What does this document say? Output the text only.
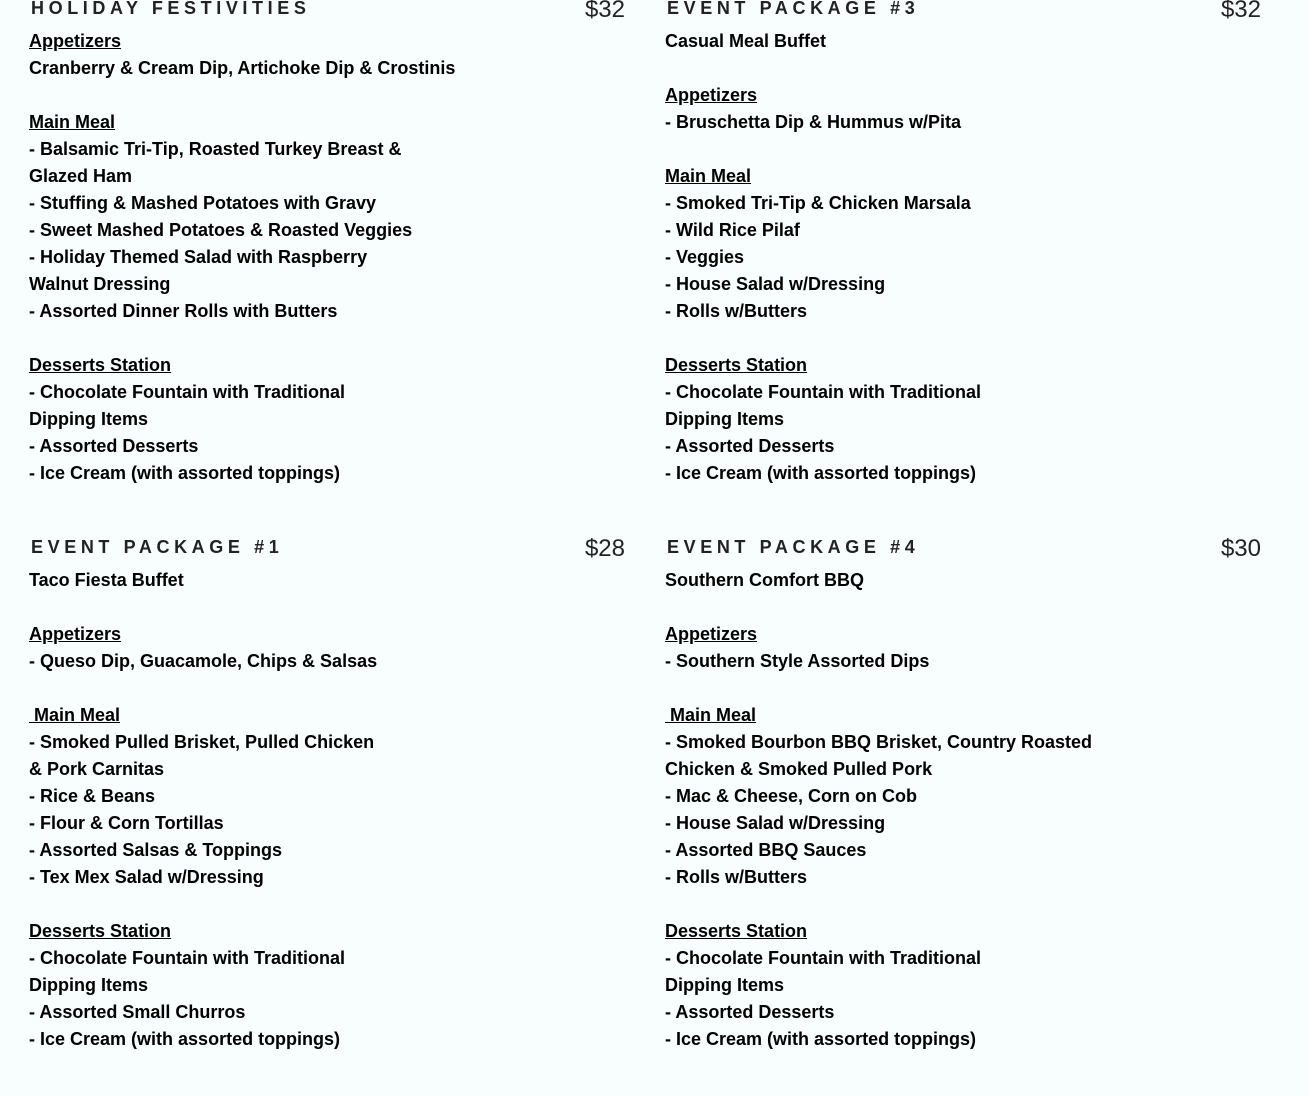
HOLIDAY FESTIVITIES	$32
Appetizers
Cranberry & Cream Dip, Artichoke Dip & Crostinis
Main Meal
- Balsamic Tri-Tip, Roasted Turkey Breast &
Glazed Ham
- Stuffing & Mashed Potatoes with Gravy
- Sweet Mashed Potatoes & Roasted Veggies
- Holiday Themed Salad with Raspberry
Walnut Dressing
- Assorted Dinner Rolls with Butters
Desserts Station
- Chocolate Fountain with Traditional
Dipping Items
- Assorted Desserts
- Ice Cream (with assorted toppings)
EVENT PACKAGE #3	$32
Casual Meal Buffet
Appetizers
- Bruschetta Dip & Hummus w/Pita
Main Meal
- Smoked Tri-Tip & Chicken Marsala
- Wild Rice Pilaf
- Veggies
- House Salad w/Dressing
- Rolls w/Butters
Desserts Station
- Chocolate Fountain with Traditional
Dipping Items
- Assorted Desserts
- Ice Cream (with assorted toppings)
EVENT PACKAGE #1	$28
Taco Fiesta Buffet
Appetizers
- Queso Dip, Guacamole, Chips & Salsas
Main Meal
- Smoked Pulled Brisket, Pulled Chicken
& Pork Carnitas
- Rice & Beans
- Flour & Corn Tortillas
- Assorted Salsas & Toppings
- Tex Mex Salad w/Dressing
Desserts Station
- Chocolate Fountain with Traditional
Dipping Items
- Assorted Small Churros
- Ice Cream (with assorted toppings)
EVENT PACKAGE #4	$30
Southern Comfort BBQ
Appetizers
- Southern Style Assorted Dips
Main Meal
- Smoked Bourbon BBQ Brisket, Country Roasted
Chicken & Smoked Pulled Pork
- Mac & Cheese, Corn on Cob
- House Salad w/Dressing
- Assorted BBQ Sauces
- Rolls w/Butters
Desserts Station
- Chocolate Fountain with Traditional
Dipping Items
- Assorted Desserts
- Ice Cream (with assorted toppings)
